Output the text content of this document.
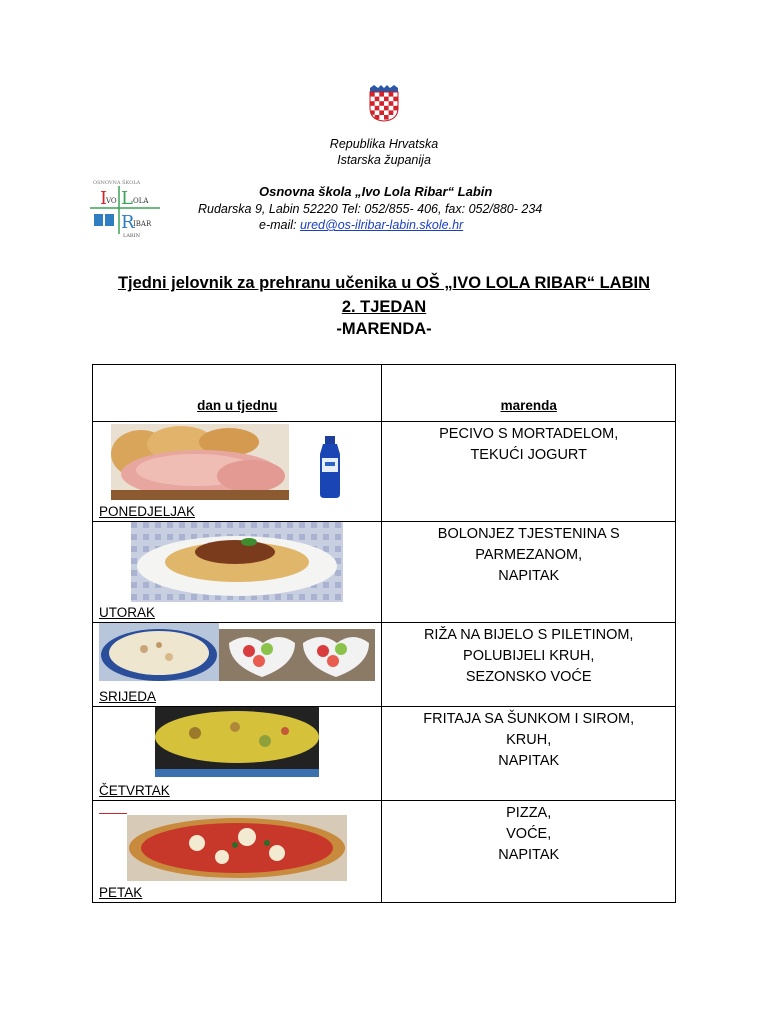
Republika Hrvatska
Istarska županija
Osnovna škola „Ivo Lola Ribar“ Labin
Rudarska 9, Labin 52220 Tel: 052/855- 406, fax: 052/880- 234
e-mail: ured@os-ilribar-labin.skole.hr
OSNOVNA ŠKOLA
I
VO L OLA
R
IBAR
LABIN
Tjedni jelovnik za prehranu učenika u OŠ „IVO LOLA RIBAR“ LABIN
2. TJEDAN
-MARENDA-
dan u tjednu	marenda

PONEDJELJAK	PECIVO S MORTADELOM,
TEKUĆI JOGURT

UTORAK	BOLONJEZ TJESTENINA S
PARMEZANOM,
NAPITAK

SRIJEDA	RIŽA NA BIJELO S PILETINOM,
POLUBIJELI KRUH,
SEZONSKO VOĆE

ČETVRTAK	FRITAJA SA ŠUNKOM I SIROM,
KRUH,
NAPITAK

PETAK	PIZZA,
VOĆE,
NAPITAK
